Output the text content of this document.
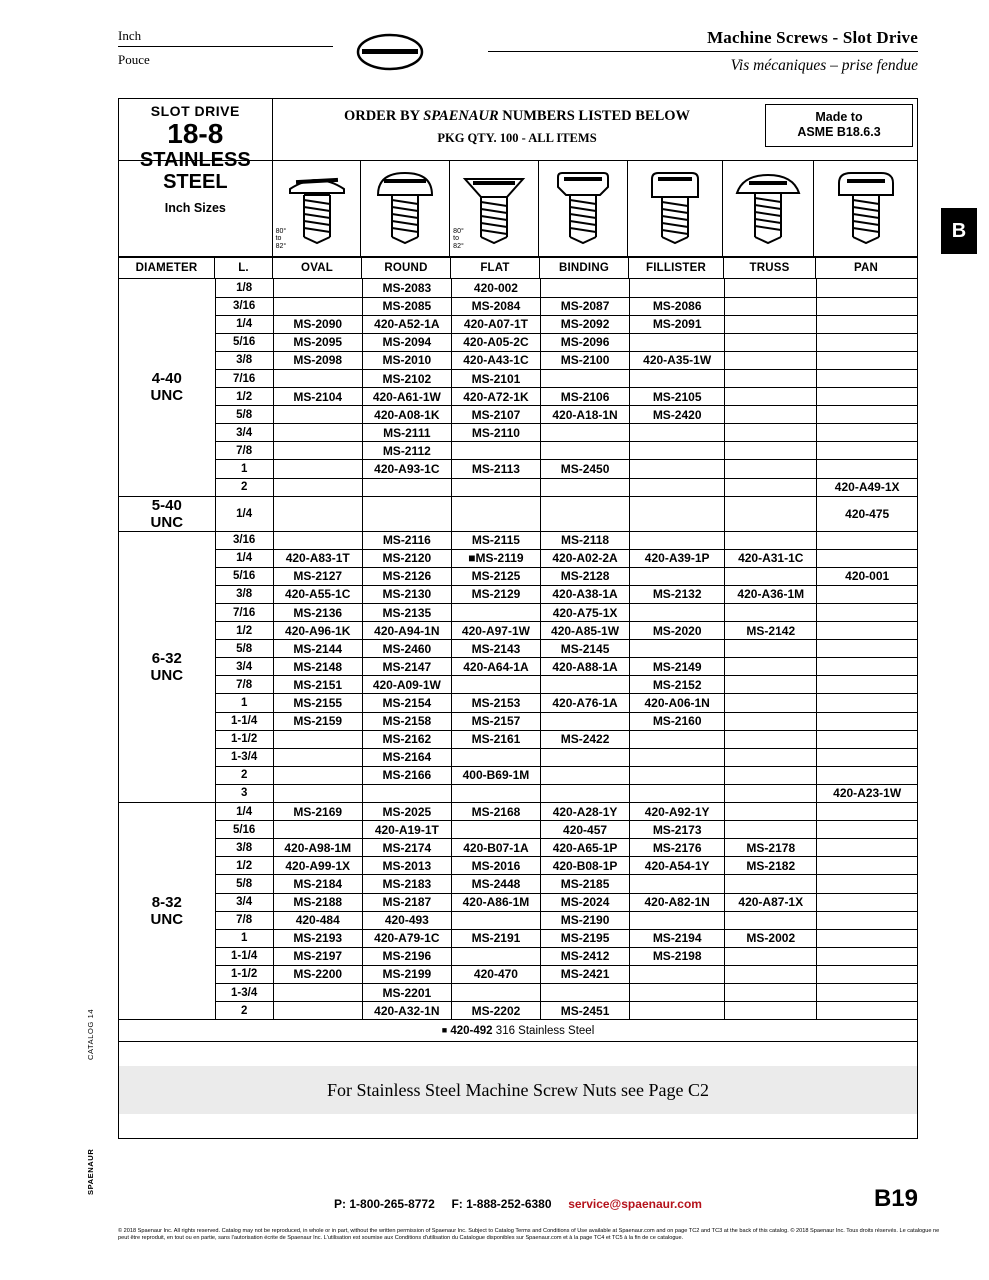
Inch
Pouce
Machine Screws - Slot Drive
Vis mécaniques – prise fendue
B
CATALOG 14
SPAENAUR
ORDER BY SPAENAUR NUMBERS LISTED BELOW
PKG QTY. 100 - ALL ITEMS
Made to
ASME B18.6.3
SLOT DRIVE
18-8
STAINLESS
STEEL
Inch Sizes
80°
to
82°
80°
to
82°
DIAMETER	L.	OVAL	ROUND	FLAT	BINDING	FILLISTER	TRUSS	PAN
4-40
UNC	1/8		MS-2083	420-002				
	3/16		MS-2085	MS-2084	MS-2087	MS-2086		
	1/4	MS-2090	420-A52-1A	420-A07-1T	MS-2092	MS-2091		
	5/16	MS-2095	MS-2094	420-A05-2C	MS-2096			
	3/8	MS-2098	MS-2010	420-A43-1C	MS-2100	420-A35-1W		
	7/16		MS-2102	MS-2101				
	1/2	MS-2104	420-A61-1W	420-A72-1K	MS-2106	MS-2105		
	5/8		420-A08-1K	MS-2107	420-A18-1N	MS-2420		
	3/4		MS-2111	MS-2110				
	7/8		MS-2112					
	1		420-A93-1C	MS-2113	MS-2450			
	2							420-A49-1X

5-40
UNC	1/4							420-475

6-32
UNC	3/16		MS-2116	MS-2115	MS-2118			
	1/4	420-A83-1T	MS-2120	■MS-2119	420-A02-2A	420-A39-1P	420-A31-1C	
	5/16	MS-2127	MS-2126	MS-2125	MS-2128			420-001
	3/8	420-A55-1C	MS-2130	MS-2129	420-A38-1A	MS-2132	420-A36-1M	
	7/16	MS-2136	MS-2135		420-A75-1X			
	1/2	420-A96-1K	420-A94-1N	420-A97-1W	420-A85-1W	MS-2020	MS-2142	
	5/8	MS-2144	MS-2460	MS-2143	MS-2145			
	3/4	MS-2148	MS-2147	420-A64-1A	420-A88-1A	MS-2149		
	7/8	MS-2151	420-A09-1W			MS-2152		
	1	MS-2155	MS-2154	MS-2153	420-A76-1A	420-A06-1N		
	1-1/4	MS-2159	MS-2158	MS-2157		MS-2160		
	1-1/2		MS-2162	MS-2161	MS-2422			
	1-3/4		MS-2164					
	2		MS-2166	400-B69-1M				
	3							420-A23-1W

8-32
UNC	1/4	MS-2169	MS-2025	MS-2168	420-A28-1Y	420-A92-1Y		
	5/16		420-A19-1T		420-457	MS-2173		
	3/8	420-A98-1M	MS-2174	420-B07-1A	420-A65-1P	MS-2176	MS-2178	
	1/2	420-A99-1X	MS-2013	MS-2016	420-B08-1P	420-A54-1Y	MS-2182	
	5/8	MS-2184	MS-2183	MS-2448	MS-2185			
	3/4	MS-2188	MS-2187	420-A86-1M	MS-2024	420-A82-1N	420-A87-1X	
	7/8	420-484	420-493		MS-2190			
	1	MS-2193	420-A79-1C	MS-2191	MS-2195	MS-2194	MS-2002	
	1-1/4	MS-2197	MS-2196		MS-2412	MS-2198		
	1-1/2	MS-2200	MS-2199	420-470	MS-2421			
	1-3/4		MS-2201					
	2		420-A32-1N	MS-2202	MS-2451			
■ 420-492 316 Stainless Steel
For Stainless Steel Machine Screw Nuts see Page C2
P: 1-800-265-8772 F: 1-888-252-6380 service@spaenaur.com	B19
© 2018 Spaenaur Inc. All rights reserved. Catalog may not be reproduced, in whole or in part, without the written permission of Spaenaur Inc. Subject to Catalog Terms and Conditions of Use available at Spaenaur.com and on page TC2 and TC3 at the back of this catalog. © 2018 Spaenaur Inc. Tous droits réservés. Le catalogue ne peut être reproduit, en tout ou en partie, sans l'autorisation écrite de Spaenaur Inc. L'utilisation est soumise aux Conditions d'utilisation du Catalogue disponibles sur Spaenaur.com et à la page TC4 et TC5 à la fin de ce catalogue.
